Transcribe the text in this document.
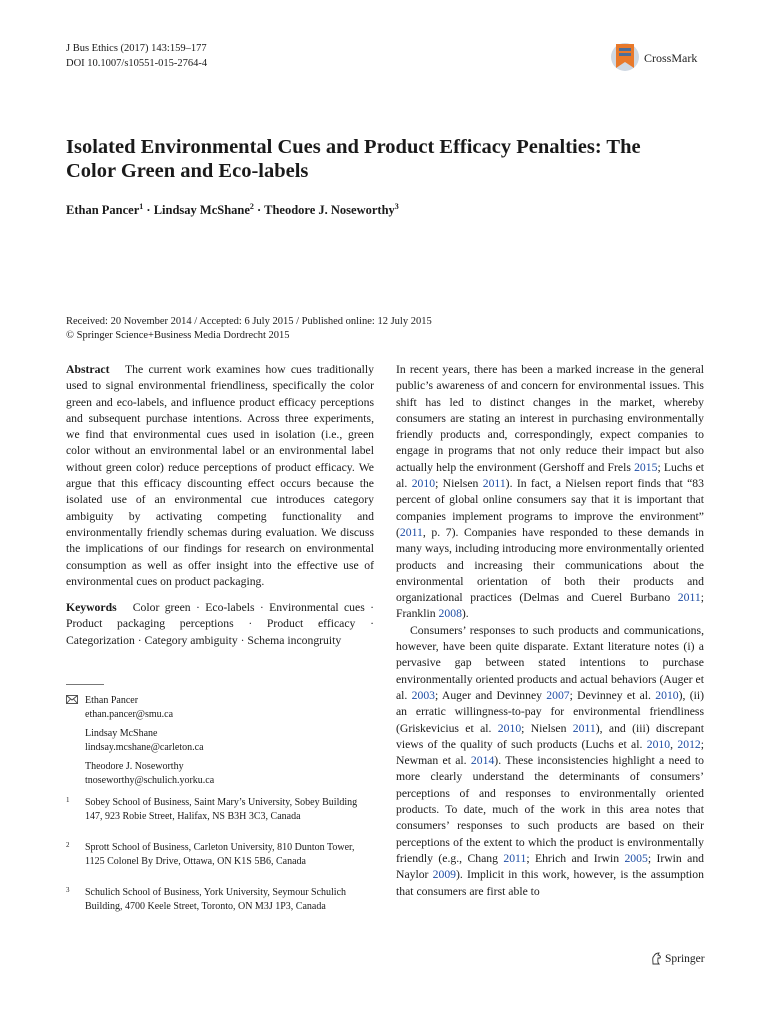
J Bus Ethics (2017) 143:159–177
DOI 10.1007/s10551-015-2764-4	CrossMark
Isolated Environmental Cues and Product Efficacy Penalties: The
Color Green and Eco-labels
Ethan Pancer$^1$ · Lindsay McShane$^2$ · Theodore J. Noseworthy$^3$
Received: 20 November 2014 / Accepted: 6 July 2015 / Published online: 12 July 2015
© Springer Science+Business Media Dordrecht 2015

Abstract The current work examines how cues traditionally used to signal environmental friendliness, specifically the color green and eco-labels, and influence product efficacy perceptions and subsequent purchase intentions. Across three experiments, we find that environmental cues used in isolation (i.e., green color without an environmental label or an environmental label without green color) reduce perceptions of product efficacy. We argue that this efficacy discounting effect occurs because the isolated use of an environmental cue introduces category ambiguity by activating competing functionality and environmentally friendly schemas during evaluation. We discuss the implications of our findings for research on environmental consumption as well as offer insight into the effective use of environmental cues on product packaging.

Keywords Color green · Eco-labels · Environmental cues · Product packaging perceptions · Product efficacy · Categorization · Category ambiguity · Schema incongruity

Ethan Pancer
ethan.pancer@smu.ca
Lindsay McShane
lindsay.mcshane@carleton.ca
Theodore J. Noseworthy
tnoseworthy@schulich.yorku.ca
1	Sobey School of Business, Saint Mary’s University, Sobey Building 147, 923 Robie Street, Halifax, NS B3H 3C3, Canada
2	Sprott School of Business, Carleton University, 810 Dunton Tower, 1125 Colonel By Drive, Ottawa, ON K1S 5B6, Canada
3	Schulich School of Business, York University, Seymour Schulich Building, 4700 Keele Street, Toronto, ON M3J 1P3, Canada

In recent years, there has been a marked increase in the general public’s awareness of and concern for environmental issues. This shift has led to distinct changes in the market, whereby consumers are stating an interest in purchasing environmentally friendly products and, correspondingly, expect companies to engage in programs that not only reduce their impact but also actually help the environment (Gershoff and Frels 2015; Luchs et al. 2010; Nielsen 2011). In fact, a Nielsen report finds that “83 percent of global online consumers say that it is important that companies implement programs to improve the environment” (2011, p. 7). Companies have responded to these demands in many ways, including introducing more environmentally oriented products and increasing their communications about the environmental orientation of both their products and organizational practices (Delmas and Cuerel Burbano 2011; Franklin 2008).

Consumers’ responses to such products and communications, however, have been quite disparate. Extant literature notes (i) a pervasive gap between stated intentions to purchase environmentally oriented products and actual behaviors (Auger et al. 2003; Auger and Devinney 2007; Devinney et al. 2010), (ii) an erratic willingness-to-pay for environmental friendliness (Griskevicius et al. 2010; Nielsen 2011), and (iii) discrepant views of the quality of such products (Luchs et al. 2010, 2012; Newman et al. 2014). These inconsistencies highlight a need to more clearly understand the determinants of consumers’ perceptions of and responses to environmentally oriented products. To date, much of the work in this area notes that consumers’ responses to such products are based on their perceptions of the extent to which the product is environmentally friendly (e.g., Chang 2011; Ehrich and Irwin 2005; Irwin and Naylor 2009). Implicit in this work, however, is the assumption that consumers are first able to

Springer
